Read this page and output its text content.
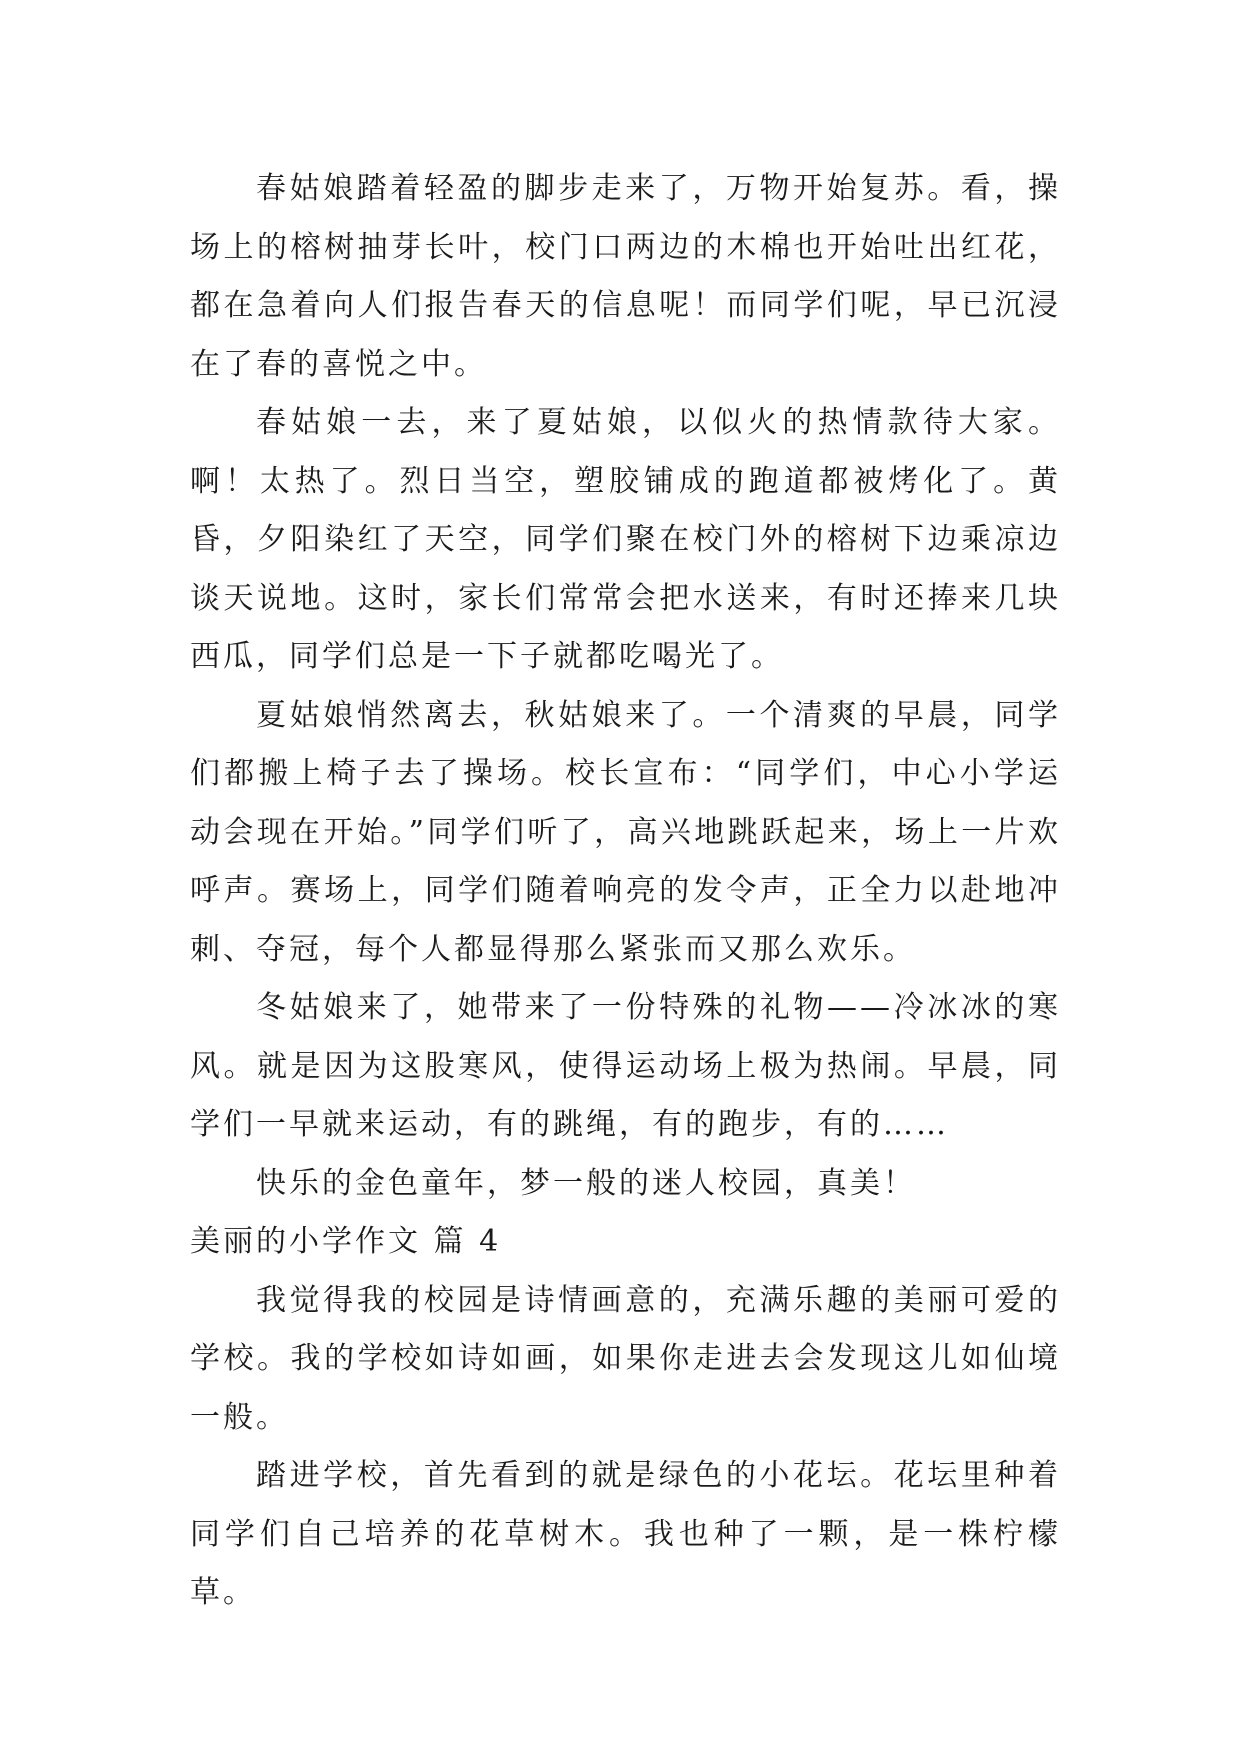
春姑娘踏着轻盈的脚步走来了，万物开始复苏。看，操场上的榕树抽芽长叶，校门口两边的木棉也开始吐出红花，都在急着向人们报告春天的信息呢！而同学们呢，早已沉浸在了春的喜悦之中。

春姑娘一去，来了夏姑娘，以似火的热情款待大家。啊！太热了。烈日当空，塑胶铺成的跑道都被烤化了。黄昏，夕阳染红了天空，同学们聚在校门外的榕树下边乘凉边谈天说地。这时，家长们常常会把水送来，有时还捧来几块西瓜，同学们总是一下子就都吃喝光了。

夏姑娘悄然离去，秋姑娘来了。一个清爽的早晨，同学们都搬上椅子去了操场。校长宣布：“同学们，中心小学运动会现在开始。”同学们听了，高兴地跳跃起来，场上一片欢呼声。赛场上，同学们随着响亮的发令声，正全力以赴地冲刺、夺冠，每个人都显得那么紧张而又那么欢乐。

冬姑娘来了，她带来了一份特殊的礼物——冷冰冰的寒风。就是因为这股寒风，使得运动场上极为热闹。早晨，同学们一早就来运动，有的跳绳，有的跑步，有的……

快乐的金色童年，梦一般的迷人校园，真美！

美丽的小学作文 篇 4

我觉得我的校园是诗情画意的，充满乐趣的美丽可爱的学校。我的学校如诗如画，如果你走进去会发现这儿如仙境一般。

踏进学校，首先看到的就是绿色的小花坛。花坛里种着同学们自己培养的花草树木。我也种了一颗，是一株柠檬草。
